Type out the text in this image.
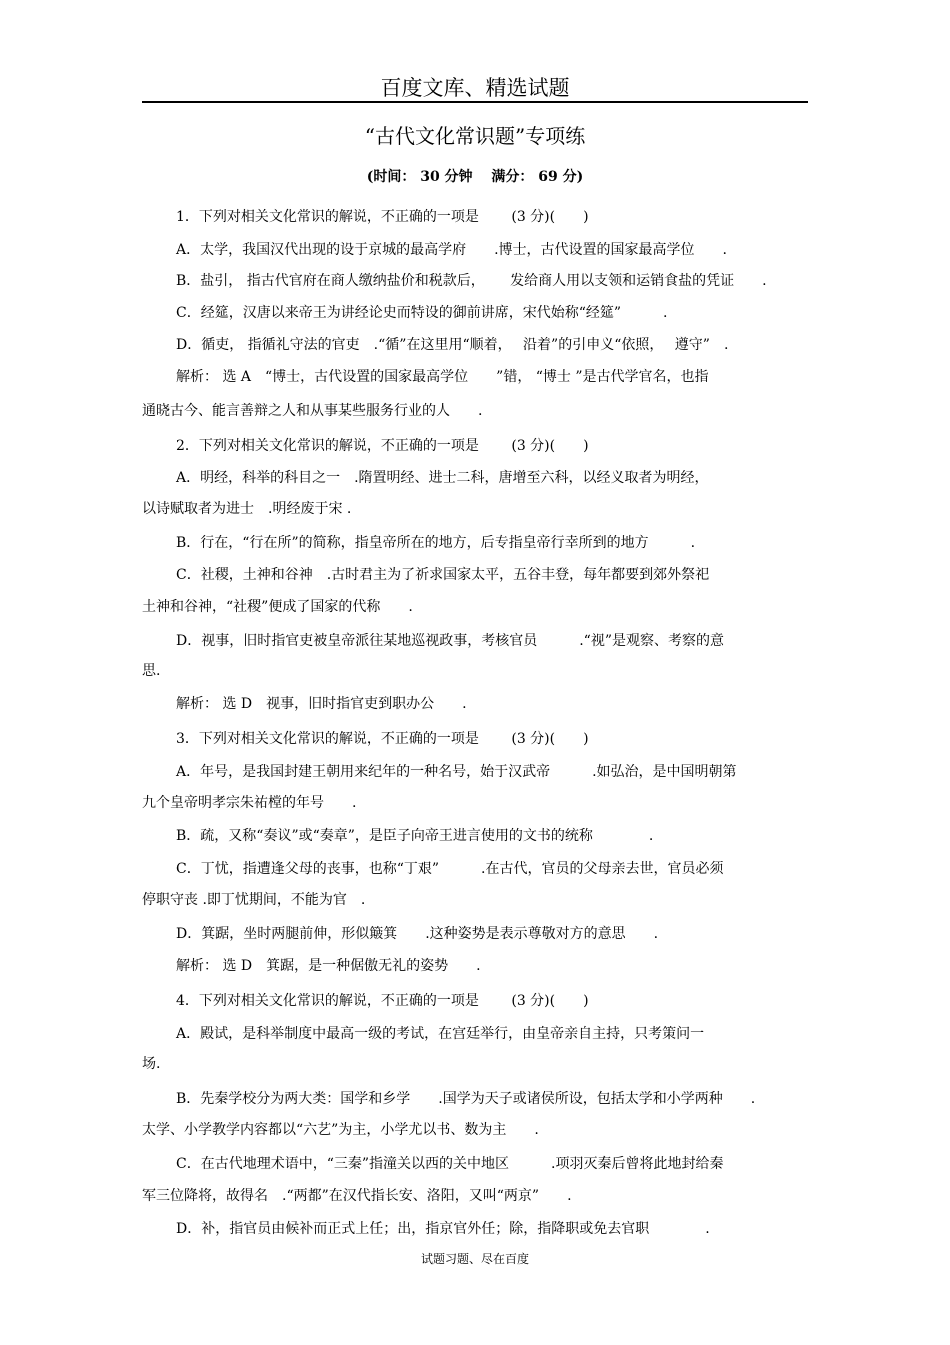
百度文库、精选试题
“古代文化常识题”专项练
(时间： 30 分钟　 满分： 69 分)
1．下列对相关文化常识的解说，不正确的一项是　　 (3 分)(　　)
A．太学，我国汉代出现的设于京城的最高学府　　.博士，古代设置的国家最高学位　　.
B．盐引， 指古代官府在商人缴纳盐价和税款后，　　 发给商人用以支领和运销食盐的凭证　　.
C．经筵，汉唐以来帝王为讲经论史而特设的御前讲席，宋代始称“经筵”　　　.
D．循吏， 指循礼守法的官吏　.“循”在这里用“顺着，　 沿着”的引申义“依照，　 遵守”　.
解析： 选 A　“博士，古代设置的国家最高学位　　”错， “博士 ”是古代学官名，也指
通晓古今、能言善辩之人和从事某些服务行业的人　　.
2．下列对相关文化常识的解说，不正确的一项是　　 (3 分)(　　)
A．明经，科举的科目之一　.隋置明经、进士二科，唐增至六科，以经义取者为明经，
以诗赋取者为进士　.明经废于宋 .
B．行在，“行在所”的简称，指皇帝所在的地方，后专指皇帝行幸所到的地方　　　.
C．社稷，土神和谷神　.古时君主为了祈求国家太平，五谷丰登，每年都要到郊外祭祀
土神和谷神，“社稷”便成了国家的代称　　.
D．视事，旧时指官吏被皇帝派往某地巡视政事，考核官员　　　.“视”是观察、考察的意
思.
解析： 选 D　视事，旧时指官吏到职办公　　.
3．下列对相关文化常识的解说，不正确的一项是　　 (3 分)(　　)
A．年号，是我国封建王朝用来纪年的一种名号，始于汉武帝　　　.如弘治，是中国明朝第
九个皇帝明孝宗朱祐樘的年号　　.
B．疏，又称“奏议”或“奏章”，是臣子向帝王进言使用的文书的统称　　　　.
C．丁忧，指遭逢父母的丧事，也称“丁艰”　　　.在古代，官员的父母亲去世，官员必须
停职守丧 .即丁忧期间，不能为官　.
D．箕踞，坐时两腿前伸，形似簸箕　　.这种姿势是表示尊敬对方的意思　　.
解析： 选 D　箕踞，是一种倨傲无礼的姿势　　.
4．下列对相关文化常识的解说，不正确的一项是　　 (3 分)(　　)
A．殿试，是科举制度中最高一级的考试，在宫廷举行，由皇帝亲自主持，只考策问一
场.
B．先秦学校分为两大类：国学和乡学　　.国学为天子或诸侯所设，包括太学和小学两种　　.
太学、小学教学内容都以“六艺”为主，小学尤以书、数为主　　.
C．在古代地理术语中，“三秦”指潼关以西的关中地区　　　.项羽灭秦后曾将此地封给秦
军三位降将，故得名　.“两都”在汉代指长安、洛阳，又叫“两京”　　.
D．补，指官员由候补而正式上任；出，指京官外任；除，指降职或免去官职　　　　.
试题习题、尽在百度
